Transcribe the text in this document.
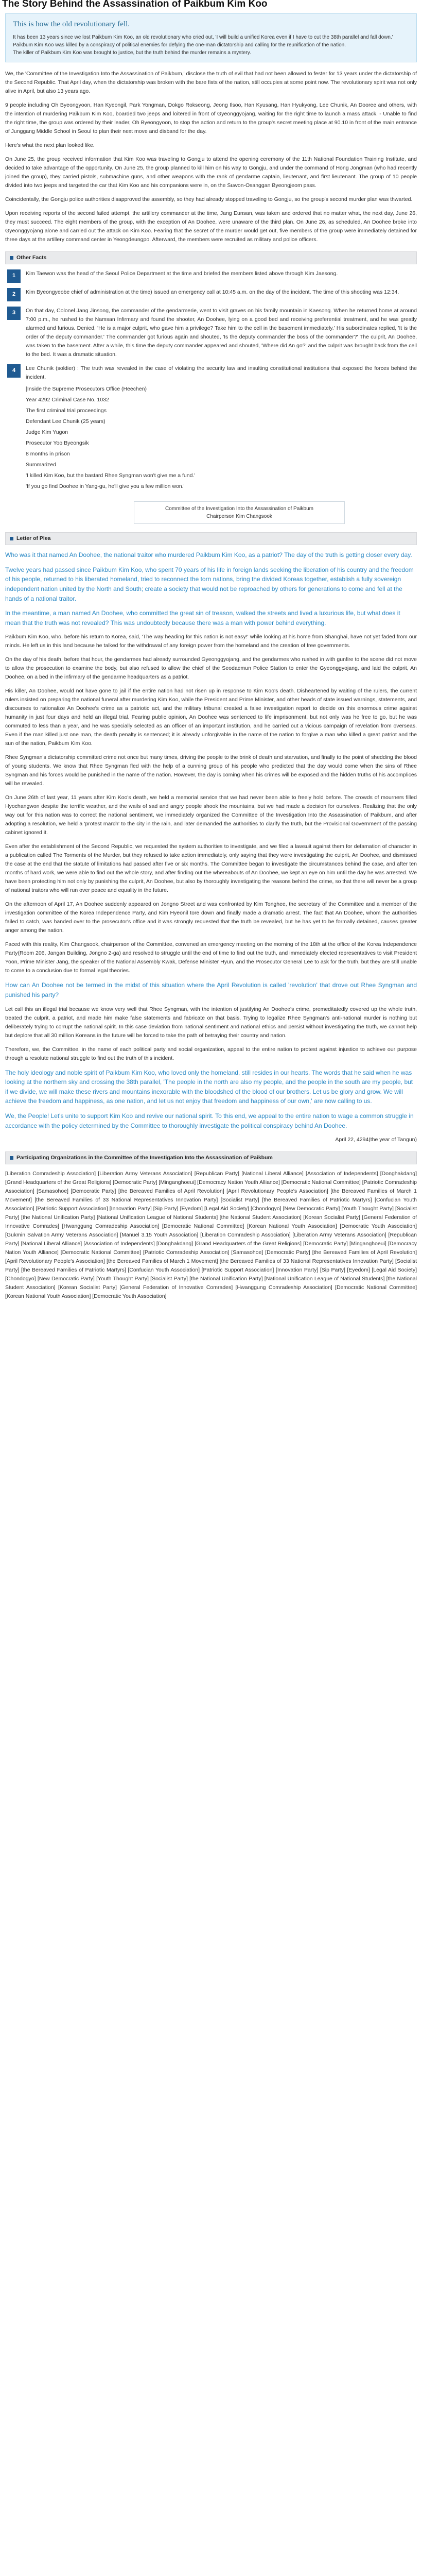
The Story Behind the Assassination of Paikbum Kim Koo
This is how the old revolutionary fell.

It has been 13 years since we lost Paikbum Kim Koo, an old revolutionary who cried out, 'I will build a unified Korea even if I have to cut the 38th parallel and fall down.'

Paikbum Kim Koo was killed by a conspiracy of political enemies for defying the one-man dictatorship and calling for the reunification of the nation.

The killer of Paikbum Kim Koo was brought to justice, but the truth behind the murder remains a mystery.

We, the 'Committee of the Investigation Into the Assassination of Paikbum,' disclose the truth of evil that had not been allowed to fester for 13 years under the dictatorship of the Second Republic. That April day, when the dictatorship was broken with the bare fists of the nation, still occupies at some point now. The revolutionary spirit was not only alive in April, but also 13 years ago.

9 people including Oh Byeongyoon, Han Kyeongil, Park Yongman, Dokgo Rokseong, Jeong Ilsoo, Han Kyusang, Han Hyukyong, Lee Chunik, An Dooree and others, with the intention of murdering Paikbum Kim Koo, boarded two jeeps and loitered in front of Gyeonggyojang, waiting for the right time to launch a mass attack. - Unable to find the right time, the group was ordered by their leader, Oh Byeongyoon, to stop the action and return to the group's secret meeting place at 90.10 in front of the main entrance of Junggang Middle School in Seoul to plan their next move and disband for the day.

Here's what the next plan looked like.

On June 25, the group received information that Kim Koo was traveling to Gongju to attend the opening ceremony of the 11th National Foundation Training Institute, and decided to take advantage of the opportunity. On June 25, the group planned to kill him on his way to Gongju, and under the command of Hong Jongman (who had recently joined the group), they carried pistols, submachine guns, and other weapons with the rank of gendarme captain, lieutenant, and first lieutenant. The group of 10 people divided into two jeeps and targeted the car that Kim Koo and his companions were in, on the Suwon-Osanggan Byeongjeom pass.

Coincidentally, the Gongju police authorities disapproved the assembly, so they had already stopped traveling to Gongju, so the group's second murder plan was thwarted.

Upon receiving reports of the second failed attempt, the artillery commander at the time, Jang Eunsan, was taken and ordered that no matter what, the next day, June 26, they must succeed. The eight members of the group, with the exception of An Doohee, were unaware of the third plan. On June 26, as scheduled, An Doohee broke into Gyeonggyojang alone and carried out the attack on Kim Koo. Fearing that the secret of the murder would get out, five members of the group were immediately detained for three days at the artillery command center in Yeongdeungpo. Afterward, the members were recruited as military and police officers.

Other Facts
1	Kim Taewon was the head of the Seoul Police Department at the time and briefed the members listed above through Kim Jaesong.
2	Kim Byeongyeobe chief of administration at the time) issued an emergency call at 10:45 a.m. on the day of the incident. The time of this shooting was 12:34.
3	On that day, Colonel Jang Jinsong, the commander of the gendarmerie, went to visit graves on his family mountain in Kaesong. When he returned home at around 7:00 p.m., he rushed to the Namsan Infirmary and found the shooter, An Doohee, lying on a good bed and receiving preferential treatment, and he was greatly alarmed and furious. Denied, 'He is a major culprit, who gave him a privilege? Take him to the cell in the basement immediately.' His subordinates replied, 'It is the order of the deputy commander.' The commander got furious again and shouted, 'Is the deputy commander the boss of the commander?' The culprit, An Doohee, was taken to the basement. After a while, this time the deputy commander appeared and shouted, 'Where did An go?' and the culprit was brought back from the cell to the bed. It was a dramatic situation.
4	Lee Chunik (soldier) : The truth was revealed in the case of violating the security law and insulting constitutional institutions that exposed the forces behind the incident.
[Inside the Supreme Prosecutors Office (Heechen)
Year 4292 Criminal Case No. 1032
The first criminal trial proceedings
Defendant Lee Chunik (25 years)
Judge Kim Yugon
Prosecutor Yoo Byeongsik
8 months in prison
Summarized
'I killed Kim Koo, but the bastard Rhee Syngman won't give me a fund.'
'If you go find Doohee in Yang-gu, he'll give you a few million won.'
Committee of the Investigation Into the Assassination of Paikbum
Chairperson Kim Changsook
Letter of Plea

Who was it that named An Doohee, the national traitor who murdered Paikbum Kim Koo, as a patriot? The day of the truth is getting closer every day.

Twelve years had passed since Paikbum Kim Koo, who spent 70 years of his life in foreign lands seeking the liberation of his country and the freedom of his people, returned to his liberated homeland, tried to reconnect the torn nations, bring the divided Koreas together, establish a fully sovereign independent nation united by the North and South; create a society that would not be reproached by others for generations to come and fell at the hands of a national traitor.

In the meantime, a man named An Doohee, who committed the great sin of treason, walked the streets and lived a luxurious life, but what does it mean that the truth was not revealed? This was undoubtedly because there was a man with power behind everything.

Paikbum Kim Koo, who, before his return to Korea, said, 'The way heading for this nation is not easy!' while looking at his home from Shanghai, have not yet faded from our minds. He left us in this land because he talked for the withdrawal of any foreign power from the homeland and the creation of free governments.

On the day of his death, before that hour, the gendarmes had already surrounded Gyeonggyojang, and the gendarmes who rushed in with gunfire to the scene did not move to allow the prosecution to examine the body, but also refused to allow the chief of the Seodaemun Police Station to enter the Gyeonggyojang, and laid the culprit, An Doohee, on a bed in the infirmary of the gendarme headquarters as a patriot.

His killer, An Doohee, would not have gone to jail if the entire nation had not risen up in response to Kim Koo's death. Disheartened by waiting of the rulers, the current rulers insisted on preparing the national funeral after murdering Kim Koo, while the President and Prime Minister, and other heads of state issued warnings, statements, and discourses to rationalize An Doohee's crime as a patriotic act, and the military tribunal created a false investigation report to decide on this enormous crime against humanity in just four days and held an illegal trial. Fearing public opinion, An Doohee was sentenced to life imprisonment, but not only was he free to go, but he was commuted to less than a year, and he was specially selected as an officer of an important institution, and he carried out a vicious campaign of revelation from overseas. Even if the man killed just one man, the death penalty is sentenced; it is already unforgivable in the name of the nation to forgive a man who killed a great patriot and the sun of the nation, Paikbum Kim Koo.

Rhee Syngman's dictatorship committed crime not once but many times, driving the people to the brink of death and starvation, and finally to the point of shedding the blood of young students. We know that Rhee Syngman fled with the help of a cunning group of his people who predicted that the day would come when the sins of Rhee Syngman and his forces would be punished in the name of the nation. However, the day is coming when his crimes will be exposed and the hidden truths of his accomplices will be revealed.

On June 26th of last year, 11 years after Kim Koo's death, we held a memorial service that we had never been able to freely hold before. The crowds of mourners filled Hyochangwon despite the terrific weather, and the wails of sad and angry people shook the mountains, but we had made a decision for ourselves. Realizing that the only way out for this nation was to correct the national sentiment, we immediately organized the Committee of the Investigation Into the Assassination of Paikbum, and after adopting a resolution, we held a 'protest march' to the city in the rain, and later demanded the authorities to clarify the truth, but the Provisional Government of the passing cabinet ignored it.

Even after the establishment of the Second Republic, we requested the system authorities to investigate, and we filed a lawsuit against them for defamation of character in a publication called The Torments of the Murder, but they refused to take action immediately, only saying that they were investigating the culprit, An Doohee, and dismissed the case at the end that the statute of limitations had passed after five or six months. The Committee began to investigate the circumstances behind the case, and after ten months of hard work, we were able to find out the whole story, and after finding out the whereabouts of An Doohee, we kept an eye on him until the day he was arrested. We have been protecting him not only by punishing the culprit, An Doohee, but also by thoroughly investigating the reasons behind the crime, so that there will never be a group of national traitors who will run over peace and equality in the future.

On the afternoon of April 17, An Doohee suddenly appeared on Jongno Street and was confronted by Kim Tonghee, the secretary of the Committee and a member of the investigation committee of the Korea Independence Party, and Kim Hyeonil tore down and finally made a dramatic arrest. The fact that An Doohee, whom the authorities failed to catch, was handed over to the prosecutor's office and it was strongly requested that the truth be revealed, but he has yet to be formally detained, causes greater anger among the nation.

Faced with this reality, Kim Changsook, chairperson of the Committee, convened an emergency meeting on the morning of the 18th at the office of the Korea Independence Party(Room 206, Jangan Building, Jongno 2-ga) and resolved to struggle until the end of time to find out the truth, and immediately elected representatives to visit President Yoon, Prime Minister Jang, the speaker of the National Assembly Kwak, Defense Minister Hyun, and the Prosecutor General Lee to ask for the truth, but they are still unable to come to a conclusion due to formal legal theories.

How can An Doohee not be termed in the midst of this situation where the April Revolution is called 'revolution' that drove out Rhee Syngman and punished his party?

Let call this an illegal trial because we know very well that Rhee Syngman, with the intention of justifying An Doohee's crime, premeditatedly covered up the whole truth, treated the culprit, a patriot, and made him make false statements and fabricate on that basis. Trying to legalize Rhee Syngman's anti-national murder is nothing but deliberately trying to corrupt the national spirit. In this case deviation from national sentiment and national ethics and persist without investigating the truth, we cannot help but deplore that all 30 million Koreans in the future will be forced to take the path of betraying their country and nation.

Therefore, we, the Committee, in the name of each political party and social organization, appeal to the entire nation to protest against injustice to achieve our purpose through a resolute national struggle to find out the truth of this incident.

The holy ideology and noble spirit of Paikbum Kim Koo, who loved only the homeland, still resides in our hearts. The words that he said when he was looking at the northern sky and crossing the 38th parallel, 'The people in the north are also my people, and the people in the south are my people, but if we divide, we will make these rivers and mountains inexorable with the bloodshed of the blood of our brothers. Let us be glory and grow. We will achieve the freedom and happiness, as one nation, and let us not enjoy that freedom and happiness of our own,' are now calling to us.

We, the People! Let's unite to support Kim Koo and revive our national spirit. To this end, we appeal to the entire nation to wage a common struggle in accordance with the policy determined by the Committee to thoroughly investigate the political conspiracy behind An Doohee.

April 22, 4294(the year of Tangun)
Participating Organizations in the Committee of the Investigation Into the Assassination of Paikbum

[Liberation Comradeship Association] [Liberation Army Veterans Association] [Republican Party] [National Liberal Alliance] [Association of Independents] [Donghakdang] [Grand Headquarters of the Great Religions] [Democratic Party] [Minganghoeui] [Democracy Nation Youth Alliance] [Democratic National Committee] [Patriotic Comradeship Association] [Samasohoe] [Democratic Party] [the Bereaved Families of April Revolution] [April Revolutionary People's Association] [the Bereaved Families of March 1 Movement] [the Bereaved Families of 33 National Representatives Innovation Party] [Socialist Party] [the Bereaved Families of Patriotic Martyrs] [Confucian Youth Association] [Patriotic Support Association] [Innovation Party] [Sip Party] [Eyedom] [Legal Aid Society] [Chondogyo] [New Democratic Party] [Youth Thought Party] [Socialist Party] [the National Unification Party] [National Unification League of National Students] [the National Student Association] [Korean Socialist Party] [General Federation of Innovative Comrades] [Hwanggung Comradeship Association] [Democratic National Committee] [Korean National Youth Association] [Democratic Youth Association] [Gukmin Salvation Army Veterans Association] [Manuel 3.15 Youth Association] [Liberation Comradeship Association] [Liberation Army Veterans Association] [Republican Party] [National Liberal Alliance] [Association of Independents] [Donghakdang] [Grand Headquarters of the Great Religions] [Democratic Party] [Minganghoeui] [Democracy Nation Youth Alliance] [Democratic National Committee] [Patriotic Comradeship Association] [Samasohoe] [Democratic Party] [the Bereaved Families of April Revolution] [April Revolutionary People's Association] [the Bereaved Families of March 1 Movement] [the Bereaved Families of 33 National Representatives Innovation Party] [Socialist Party] [the Bereaved Families of Patriotic Martyrs] [Confucian Youth Association] [Patriotic Support Association] [Innovation Party] [Sip Party] [Eyedom] [Legal Aid Society] [Chondogyo] [New Democratic Party] [Youth Thought Party] [Socialist Party] [the National Unification Party] [National Unification League of National Students] [the National Student Association] [Korean Socialist Party] [General Federation of Innovative Comrades] [Hwanggung Comradeship Association] [Democratic National Committee] [Korean National Youth Association] [Democratic Youth Association]
